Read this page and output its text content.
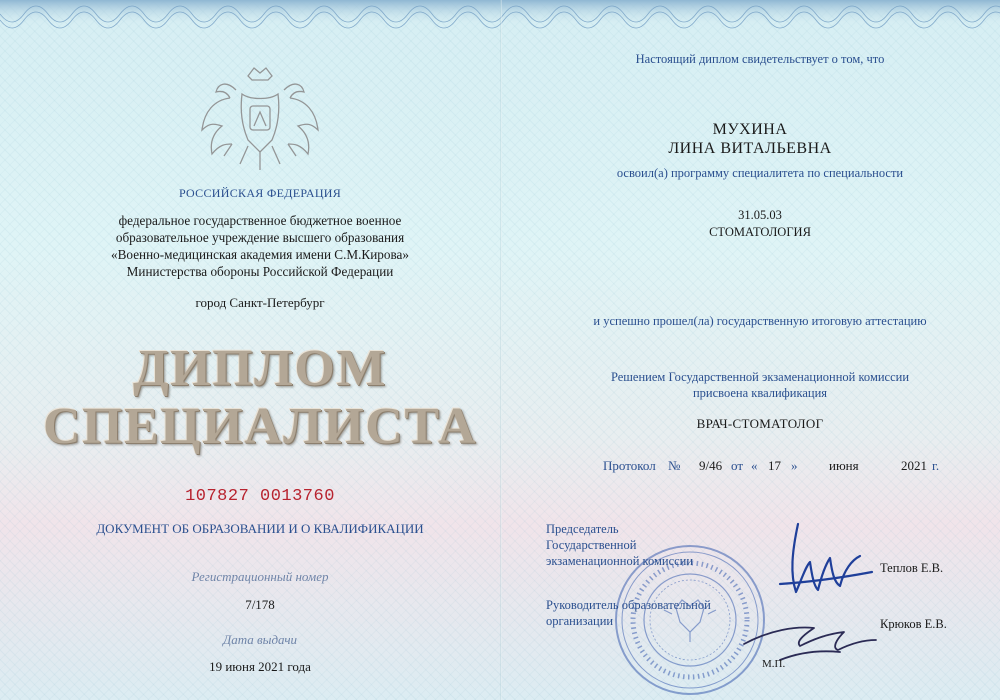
РОССИЙСКАЯ ФЕДЕРАЦИЯ
федеральное государственное бюджетное военное
образовательное учреждение высшего образования
«Военно-медицинская академия имени С.М.Кирова»
Министерства обороны Российской Федерации
город Санкт-Петербург
ДИПЛОМ
СПЕЦИАЛИСТА
107827 0013760
ДОКУМЕНТ ОБ ОБРАЗОВАНИИ И О КВАЛИФИКАЦИИ
Регистрационный номер
7/178
Дата выдачи
19 июня 2021 года
Настоящий диплом свидетельствует о том, что
МУХИНА
ЛИНА ВИТАЛЬЕВНА
освоил(а) программу специалитета по специальности
31.05.03
СТОМАТОЛОГИЯ
и успешно прошел(ла) государственную итоговую аттестацию
Решением Государственной экзаменационной комиссии
присвоена квалификация
ВРАЧ-СТОМАТОЛОГ
Протокол № 9/46 от « 17 » июня	2021 г.
Председатель
Государственной
экзаменационной комиссии	Теплов Е.В.
Руководитель образовательной
организации	Крюков Е.В.
М.П.
